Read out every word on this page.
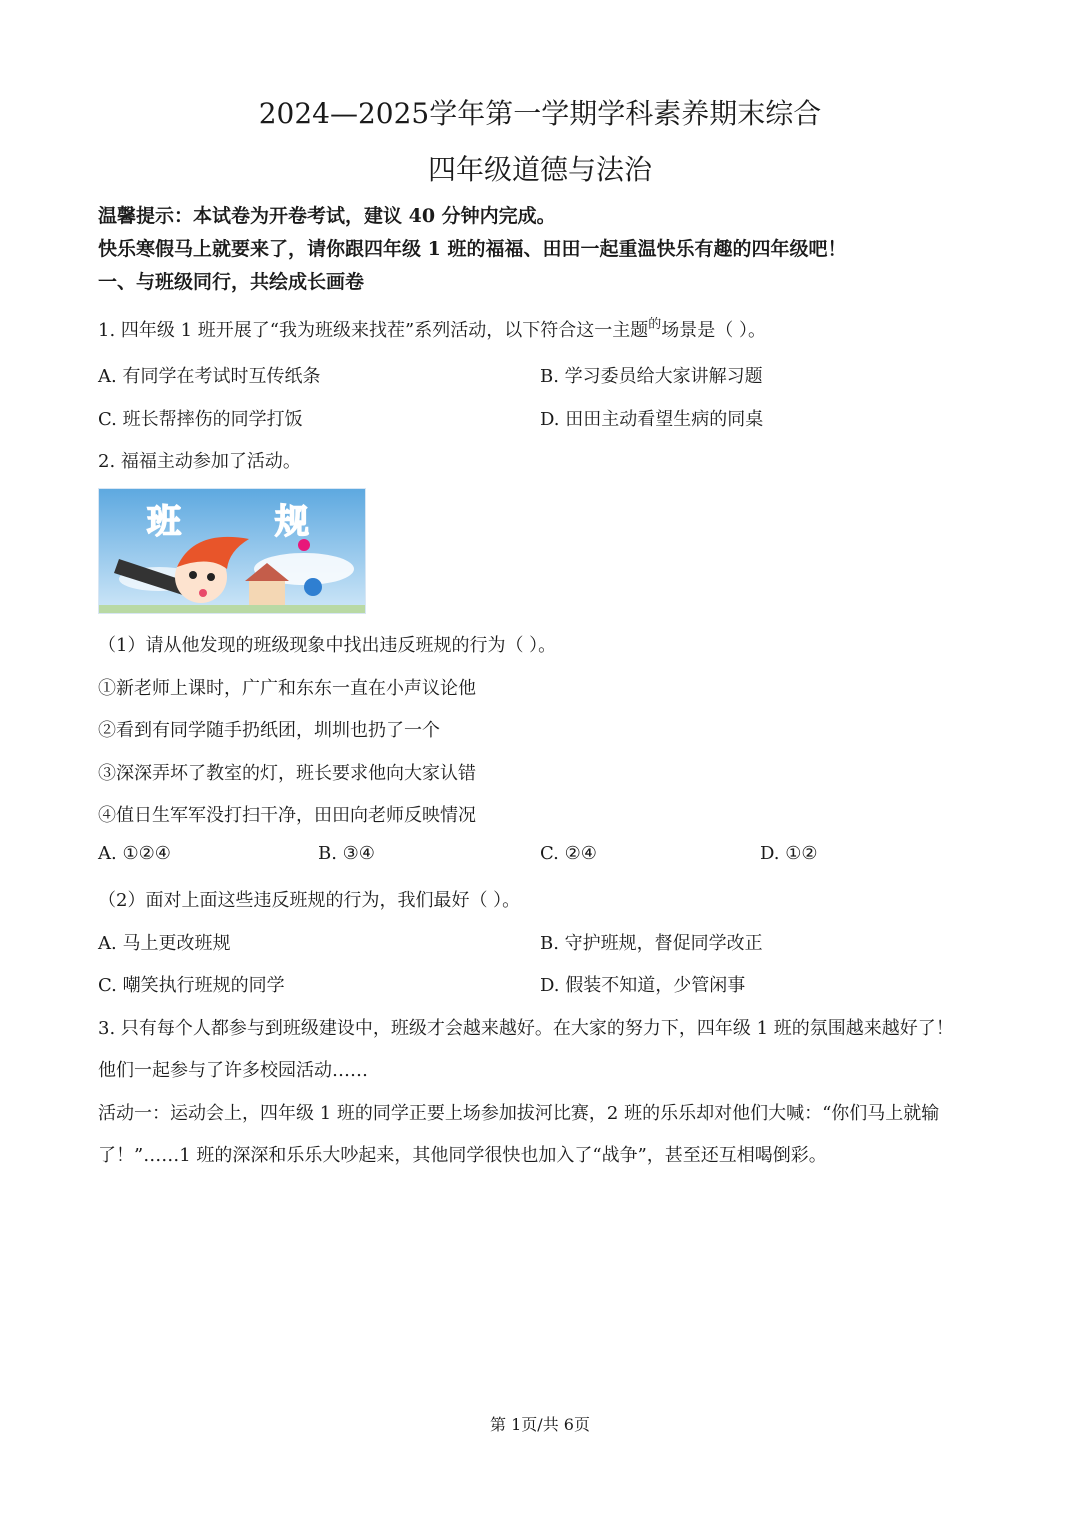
2024—2025学年第一学期学科素养期末综合
四年级道德与法治
温馨提示：本试卷为开卷考试，建议 40 分钟内完成。
快乐寒假马上就要来了，请你跟四年级 1 班的福福、田田一起重温快乐有趣的四年级吧！
一、与班级同行，共绘成长画卷
1. 四年级 1 班开展了“我为班级来找茬”系列活动，以下符合这一主题$^的$场景是（ ）。
A. 有同学在考试时互传纸条	B. 学习委员给大家讲解习题
C. 班长帮摔伤的同学打饭	D. 田田主动看望生病的同桌
2. 福福主动参加了活动。
班	规
（1）请从他发现的班级现象中找出违反班规的行为（ ）。
①新老师上课时，广广和东东一直在小声议论他
②看到有同学随手扔纸团，圳圳也扔了一个
③深深弄坏了教室的灯，班长要求他向大家认错
④值日生军军没打扫干净，田田向老师反映情况
A. ①②④	B. ③④	C. ②④	D. ①②
（2）面对上面这些违反班规的行为，我们最好（ ）。
A. 马上更改班规	B. 守护班规，督促同学改正
C. 嘲笑执行班规的同学	D. 假装不知道，少管闲事
3. 只有每个人都参与到班级建设中，班级才会越来越好。在大家的努力下，四年级 1 班的氛围越来越好了！
他们一起参与了许多校园活动……
活动一：运动会上，四年级 1 班的同学正要上场参加拔河比赛，2 班的乐乐却对他们大喊：“你们马上就输
了！”……1 班的深深和乐乐大吵起来，其他同学很快也加入了“战争”，甚至还互相喝倒彩。
第 1页/共 6页
